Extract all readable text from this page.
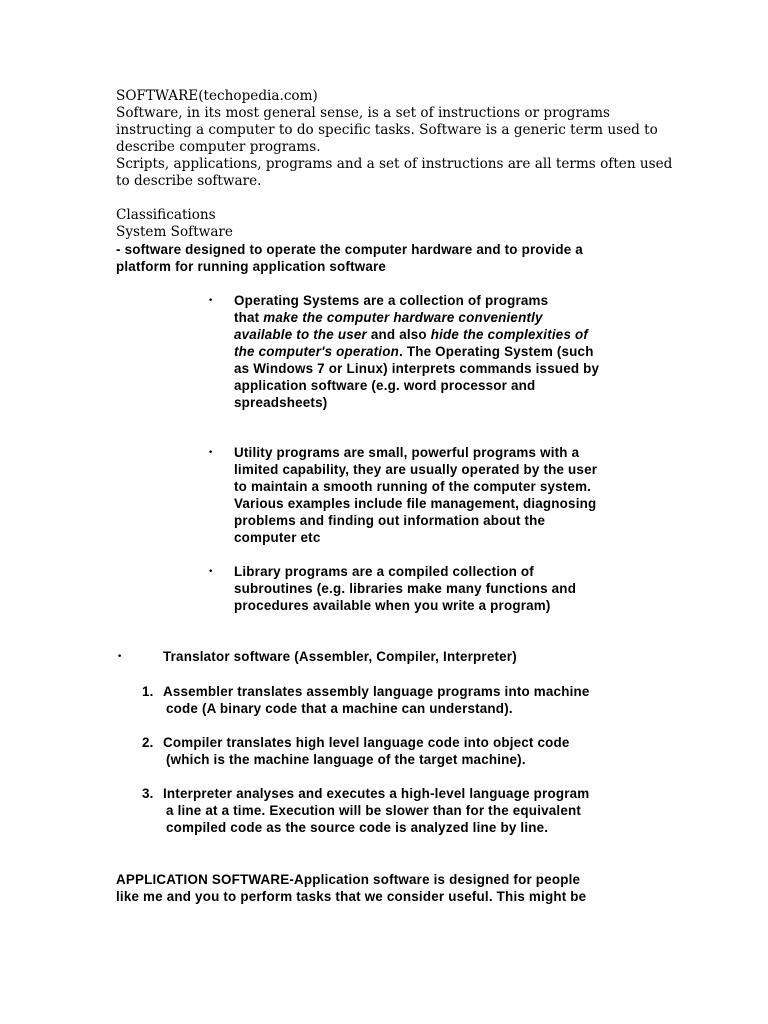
SOFTWARE(techopedia.com)
Software, in its most general sense, is a set of instructions or programs
instructing a computer to do specific tasks. Software is a generic term used to
describe computer programs.
Scripts, applications, programs and a set of instructions are all terms often used
to describe software.
Classifications
System Software
- software designed to operate the computer hardware and to provide a
platform for running application software
• Operating Systems are a collection of programs
that make the computer hardware conveniently
available to the user and also hide the complexities of
the computer's operation. The Operating System (such
as Windows 7 or Linux) interprets commands issued by
application software (e.g. word processor and
spreadsheets)
• Utility programs are small, powerful programs with a
limited capability, they are usually operated by the user
to maintain a smooth running of the computer system.
Various examples include file management, diagnosing
problems and finding out information about the
computer etc
• Library programs are a compiled collection of
subroutines (e.g. libraries make many functions and
procedures available when you write a program)
•	Translator software (Assembler, Compiler, Interpreter)
1. Assembler translates assembly language programs into machine
code (A binary code that a machine can understand).
2. Compiler translates high level language code into object code
(which is the machine language of the target machine).
3. Interpreter analyses and executes a high-level language program
a line at a time. Execution will be slower than for the equivalent
compiled code as the source code is analyzed line by line.
APPLICATION SOFTWARE-Application software is designed for people
like me and you to perform tasks that we consider useful. This might be
